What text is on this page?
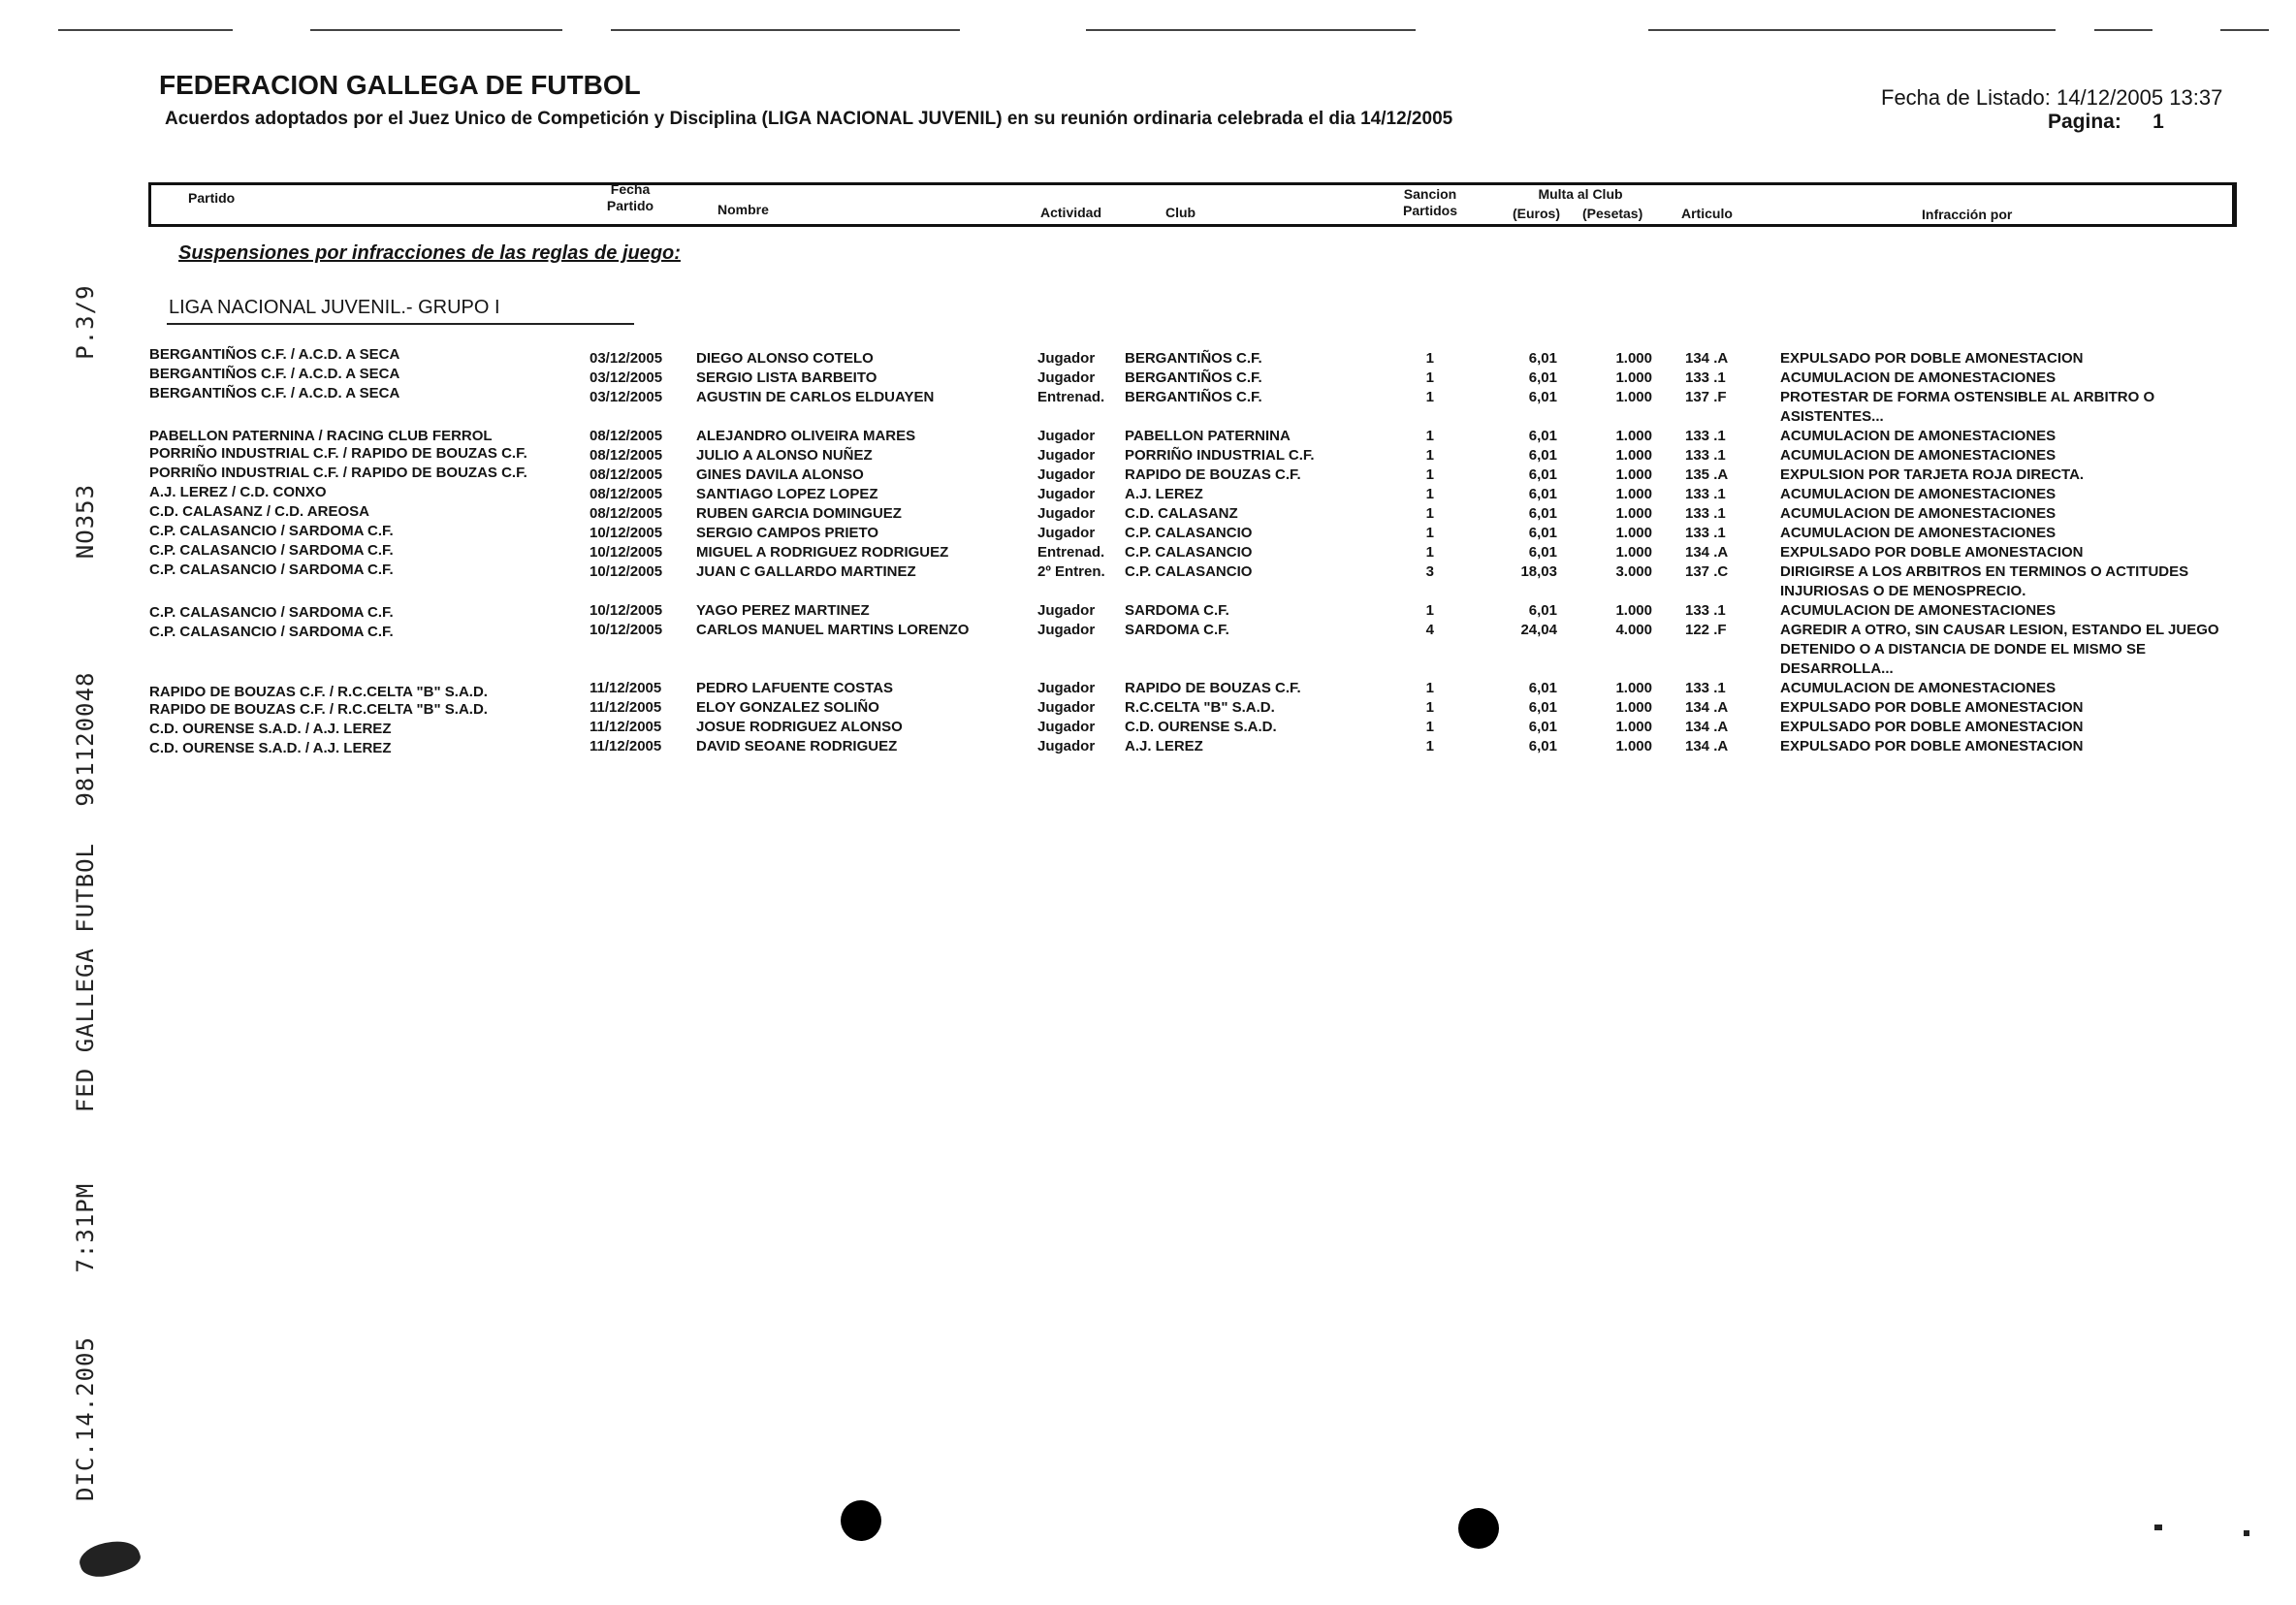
DIC.14.2005 7:31PM FED GALLEGA FUTBOL 981120048 NO353 P.3/9
FEDERACION GALLEGA DE FUTBOL
Acuerdos adoptados por el Juez Unico de Competición y Disciplina (LIGA NACIONAL JUVENIL) en su reunión ordinaria celebrada el dia 14/12/2005
Fecha de Listado: 14/12/2005 13:37
Pagina: 1
Partido
Fecha
Partido	Nombre	Actividad	Club
Sancion
Partidos
Multa al Club
(Euros) (Pesetas)	Articulo	Infracción por
Suspensiones por infracciones de las reglas de juego:
LIGA NACIONAL JUVENIL.- GRUPO I
BERGANTIÑOS C.F. / A.C.D. A SECA	03/12/2005 DIEGO ALONSO COTELO	Jugador BERGANTIÑOS C.F.	1	6,01	1.000 134 .A	EXPULSADO POR DOBLE AMONESTACION
BERGANTIÑOS C.F. / A.C.D. A SECA	03/12/2005 SERGIO LISTA BARBEITO	Jugador BERGANTIÑOS C.F.	1	6,01	1.000 133 .1	ACUMULACION DE AMONESTACIONES
BERGANTIÑOS C.F. / A.C.D. A SECA	03/12/2005 AGUSTIN DE CARLOS ELDUAYEN	Entrenad. BERGANTIÑOS C.F.	1	6,01	1.000 137 .F	PROTESTAR DE FORMA OSTENSIBLE AL ARBITRO O ASISTENTES...
PABELLON PATERNINA / RACING CLUB FERROL	08/12/2005 ALEJANDRO OLIVEIRA MARES	Jugador PABELLON PATERNINA	1	6,01	1.000 133 .1	ACUMULACION DE AMONESTACIONES
PORRIÑO INDUSTRIAL C.F. / RAPIDO DE BOUZAS C.F.	08/12/2005 JULIO A ALONSO NUÑEZ	Jugador PORRIÑO INDUSTRIAL C.F.	1	6,01	1.000 133 .1	ACUMULACION DE AMONESTACIONES
PORRIÑO INDUSTRIAL C.F. / RAPIDO DE BOUZAS C.F.	08/12/2005 GINES DAVILA ALONSO	Jugador RAPIDO DE BOUZAS C.F.	1	6,01	1.000 135 .A	EXPULSION POR TARJETA ROJA DIRECTA.
A.J. LEREZ / C.D. CONXO	08/12/2005 SANTIAGO LOPEZ LOPEZ	Jugador A.J. LEREZ	1	6,01	1.000 133 .1	ACUMULACION DE AMONESTACIONES
C.D. CALASANZ / C.D. AREOSA	08/12/2005 RUBEN GARCIA DOMINGUEZ	Jugador C.D. CALASANZ	1	6,01	1.000 133 .1	ACUMULACION DE AMONESTACIONES
C.P. CALASANCIO / SARDOMA C.F.	10/12/2005 SERGIO CAMPOS PRIETO	Jugador C.P. CALASANCIO	1	6,01	1.000 133 .1	ACUMULACION DE AMONESTACIONES
C.P. CALASANCIO / SARDOMA C.F.	10/12/2005 MIGUEL A RODRIGUEZ RODRIGUEZ	Entrenad. C.P. CALASANCIO	1	6,01	1.000 134 .A	EXPULSADO POR DOBLE AMONESTACION
C.P. CALASANCIO / SARDOMA C.F.	10/12/2005 JUAN C GALLARDO MARTINEZ	2º Entren. C.P. CALASANCIO	3	18,03	3.000 137 .C	DIRIGIRSE A LOS ARBITROS EN TERMINOS O ACTITUDES INJURIOSAS O DE MENOSPRECIO.
C.P. CALASANCIO / SARDOMA C.F.	10/12/2005 YAGO PEREZ MARTINEZ	Jugador SARDOMA C.F.	1	6,01	1.000 133 .1	ACUMULACION DE AMONESTACIONES
C.P. CALASANCIO / SARDOMA C.F.	10/12/2005 CARLOS MANUEL MARTINS LORENZO	Jugador SARDOMA C.F.	4	24,04	4.000 122 .F	AGREDIR A OTRO, SIN CAUSAR LESION, ESTANDO EL JUEGO DETENIDO O A DISTANCIA DE DONDE EL MISMO SE DESARROLLA...
RAPIDO DE BOUZAS C.F. / R.C.CELTA "B" S.A.D.	11/12/2005 PEDRO LAFUENTE COSTAS	Jugador RAPIDO DE BOUZAS C.F.	1	6,01	1.000 133 .1	ACUMULACION DE AMONESTACIONES
RAPIDO DE BOUZAS C.F. / R.C.CELTA "B" S.A.D.	11/12/2005 ELOY GONZALEZ SOLIÑO	Jugador R.C.CELTA "B" S.A.D.	1	6,01	1.000 134 .A	EXPULSADO POR DOBLE AMONESTACION
C.D. OURENSE S.A.D. / A.J. LEREZ	11/12/2005 JOSUE RODRIGUEZ ALONSO	Jugador C.D. OURENSE S.A.D.	1	6,01	1.000 134 .A	EXPULSADO POR DOBLE AMONESTACION
C.D. OURENSE S.A.D. / A.J. LEREZ	11/12/2005 DAVID SEOANE RODRIGUEZ	Jugador A.J. LEREZ	1	6,01	1.000 134 .A	EXPULSADO POR DOBLE AMONESTACION
